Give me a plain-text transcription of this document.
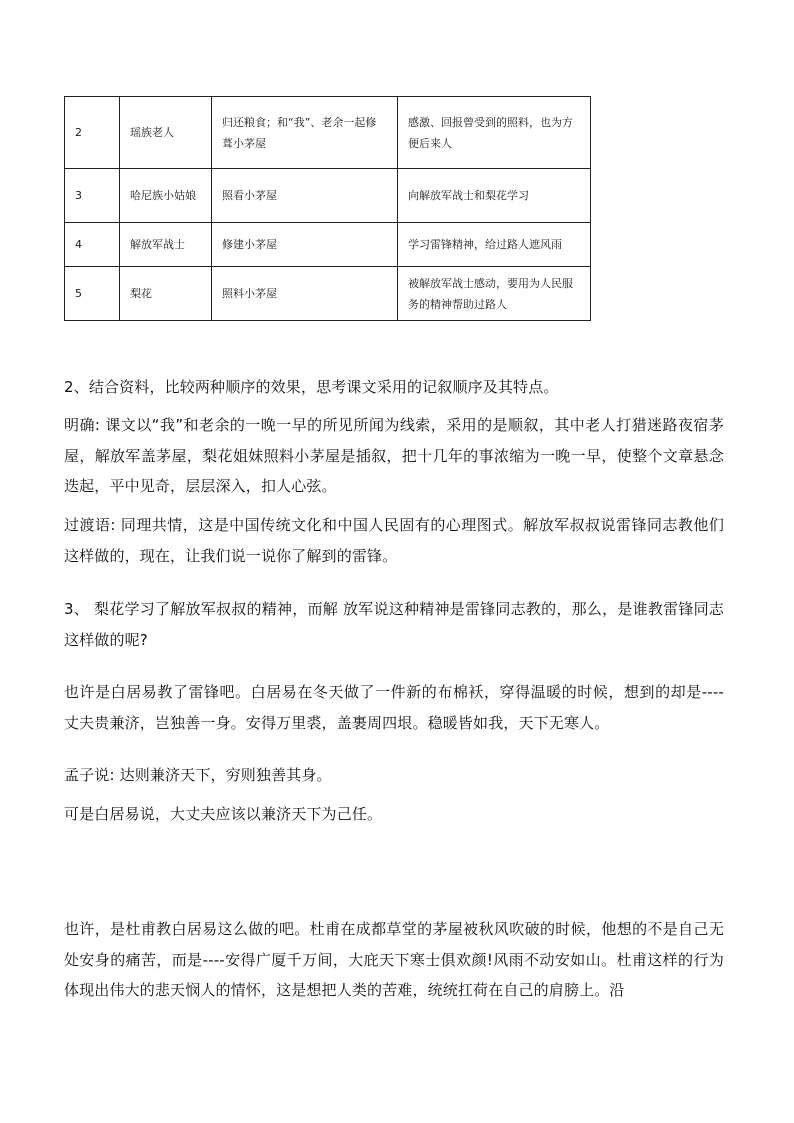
2	瑶族老人	归还粮食；和“我”、老余一起修葺小茅屋	感激、回报曾受到的照料，也为方便后来人
3	哈尼族小姑娘	照看小茅屋	向解放军战士和梨花学习
4	解放军战士	修建小茅屋	学习雷锋精神，给过路人遮风雨
5	梨花	照料小茅屋	被解放军战士感动，要用为人民服务的精神帮助过路人
2、结合资料，比较两种顺序的效果，思考课文采用的记叙顺序及其特点。
明确: 课文以“我”和老余的一晚一早的所见所闻为线索，采用的是顺叙，其中老人打猎迷路夜宿茅屋，解放军盖茅屋，梨花姐妹照料小茅屋是插叙，把十几年的事浓缩为一晚一早，使整个文章悬念迭起，平中见奇，层层深入，扣人心弦。
过渡语: 同理共情，这是中国传统文化和中国人民固有的心理图式。解放军叔叔说雷锋同志教他们这样做的，现在，让我们说一说你了解到的雷锋。
3、 梨花学习了解放军叔叔的精神，而解 放军说这种精神是雷锋同志教的，那么，是谁教雷锋同志这样做的呢?
也许是白居易教了雷锋吧。白居易在冬天做了一件新的布棉袄，穿得温暖的时候，想到的却是---- 丈夫贵兼济，岂独善一身。安得万里裘，盖裹周四垠。稳暖皆如我，天下无寒人。
孟子说: 达则兼济天下，穷则独善其身。
可是白居易说，大丈夫应该以兼济天下为己任。
也许，是杜甫教白居易这么做的吧。杜甫在成都草堂的茅屋被秋风吹破的时候，他想的不是自己无处安身的痛苦，而是----安得广厦千万间，大庇天下寒士俱欢颜!风雨不动安如山。杜甫这样的行为体现出伟大的悲天悯人的情怀，这是想把人类的苦难，统统扛荷在自己的肩膀上。沿
